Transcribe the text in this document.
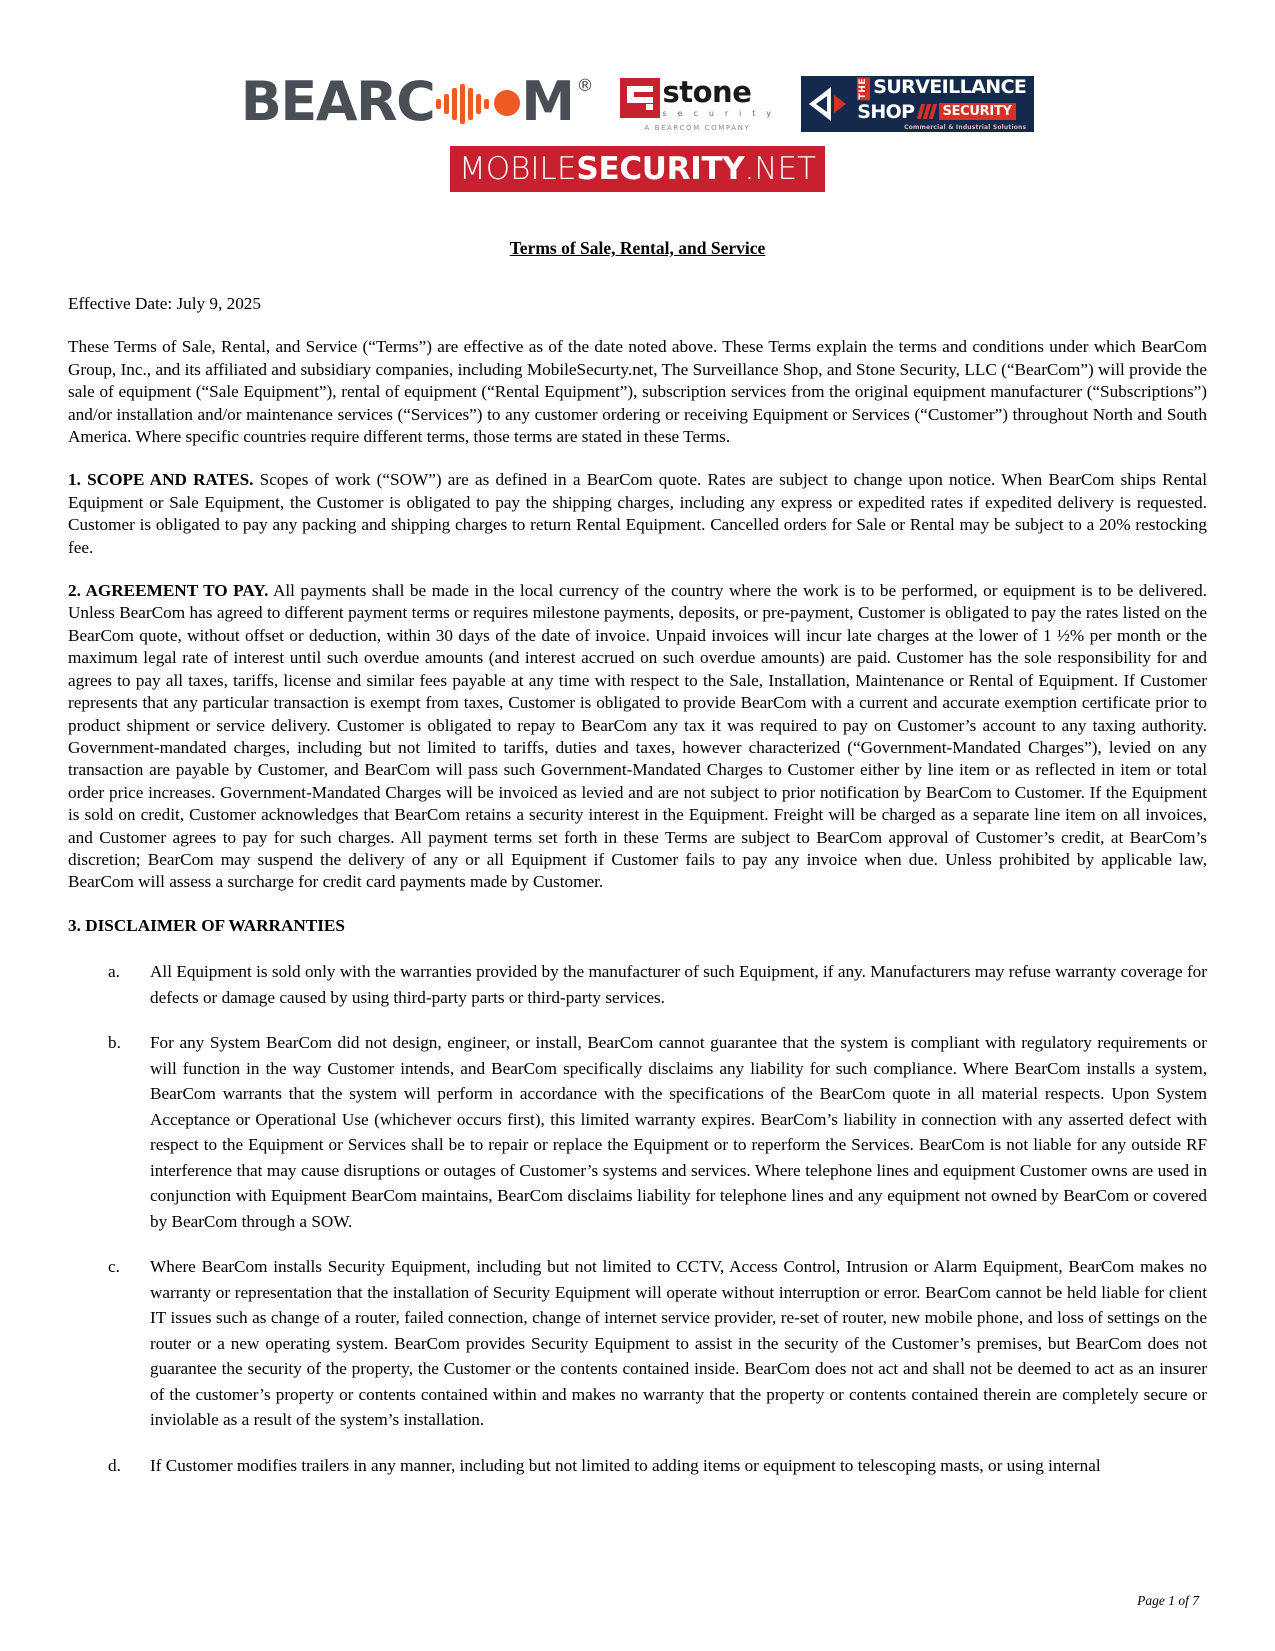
BEARC M ® stone
s e c u r i t y
A BEARCOM COMPANY
THE SURVEILLANCE
SHOP	SECURITY
Commercial & Industrial Solutions
MOBILE SECURITY .NET
Terms of Sale, Rental, and Service

Effective Date: July 9, 2025

These Terms of Sale, Rental, and Service (“Terms”) are effective as of the date noted above. These Terms explain the terms and conditions under which BearCom Group, Inc., and its affiliated and subsidiary companies, including MobileSecurty.net, The Surveillance Shop, and Stone Security, LLC (“BearCom”) will provide the sale of equipment (“Sale Equipment”), rental of equipment (“Rental Equipment”), subscription services from the original equipment manufacturer (“Subscriptions”) and/or installation and/or maintenance services (“Services”) to any customer ordering or receiving Equipment or Services (“Customer”) throughout North and South America. Where specific countries require different terms, those terms are stated in these Terms.

1. SCOPE AND RATES. Scopes of work (“SOW”) are as defined in a BearCom quote. Rates are subject to change upon notice. When BearCom ships Rental Equipment or Sale Equipment, the Customer is obligated to pay the shipping charges, including any express or expedited rates if expedited delivery is requested. Customer is obligated to pay any packing and shipping charges to return Rental Equipment. Cancelled orders for Sale or Rental may be subject to a 20% restocking fee.

2. AGREEMENT TO PAY. All payments shall be made in the local currency of the country where the work is to be performed, or equipment is to be delivered. Unless BearCom has agreed to different payment terms or requires milestone payments, deposits, or pre-payment, Customer is obligated to pay the rates listed on the BearCom quote, without offset or deduction, within 30 days of the date of invoice. Unpaid invoices will incur late charges at the lower of 1 ½% per month or the maximum legal rate of interest until such overdue amounts (and interest accrued on such overdue amounts) are paid. Customer has the sole responsibility for and agrees to pay all taxes, tariffs, license and similar fees payable at any time with respect to the Sale, Installation, Maintenance or Rental of Equipment. If Customer represents that any particular transaction is exempt from taxes, Customer is obligated to provide BearCom with a current and accurate exemption certificate prior to product shipment or service delivery. Customer is obligated to repay to BearCom any tax it was required to pay on Customer’s account to any taxing authority. Government-mandated charges, including but not limited to tariffs, duties and taxes, however characterized (“Government-Mandated Charges”), levied on any transaction are payable by Customer, and BearCom will pass such Government-Mandated Charges to Customer either by line item or as reflected in item or total order price increases. Government-Mandated Charges will be invoiced as levied and are not subject to prior notification by BearCom to Customer. If the Equipment is sold on credit, Customer acknowledges that BearCom retains a security interest in the Equipment. Freight will be charged as a separate line item on all invoices, and Customer agrees to pay for such charges. All payment terms set forth in these Terms are subject to BearCom approval of Customer’s credit, at BearCom’s discretion; BearCom may suspend the delivery of any or all Equipment if Customer fails to pay any invoice when due. Unless prohibited by applicable law, BearCom will assess a surcharge for credit card payments made by Customer.

3. DISCLAIMER OF WARRANTIES
a.	All Equipment is sold only with the warranties provided by the manufacturer of such Equipment, if any. Manufacturers may refuse warranty coverage for defects or damage caused by using third-party parts or third-party services.
b.	For any System BearCom did not design, engineer, or install, BearCom cannot guarantee that the system is compliant with regulatory requirements or will function in the way Customer intends, and BearCom specifically disclaims any liability for such compliance. Where BearCom installs a system, BearCom warrants that the system will perform in accordance with the specifications of the BearCom quote in all material respects. Upon System Acceptance or Operational Use (whichever occurs first), this limited warranty expires. BearCom’s liability in connection with any asserted defect with respect to the Equipment or Services shall be to repair or replace the Equipment or to reperform the Services. BearCom is not liable for any outside RF interference that may cause disruptions or outages of Customer’s systems and services. Where telephone lines and equipment Customer owns are used in conjunction with Equipment BearCom maintains, BearCom disclaims liability for telephone lines and any equipment not owned by BearCom or covered by BearCom through a SOW.
c.	Where BearCom installs Security Equipment, including but not limited to CCTV, Access Control, Intrusion or Alarm Equipment, BearCom makes no warranty or representation that the installation of Security Equipment will operate without interruption or error. BearCom cannot be held liable for client IT issues such as change of a router, failed connection, change of internet service provider, re-set of router, new mobile phone, and loss of settings on the router or a new operating system. BearCom provides Security Equipment to assist in the security of the Customer’s premises, but BearCom does not guarantee the security of the property, the Customer or the contents contained inside. BearCom does not act and shall not be deemed to act as an insurer of the customer’s property or contents contained within and makes no warranty that the property or contents contained therein are completely secure or inviolable as a result of the system’s installation.
d.	If Customer modifies trailers in any manner, including but not limited to adding items or equipment to telescoping masts, or using internal
Page 1 of 7
